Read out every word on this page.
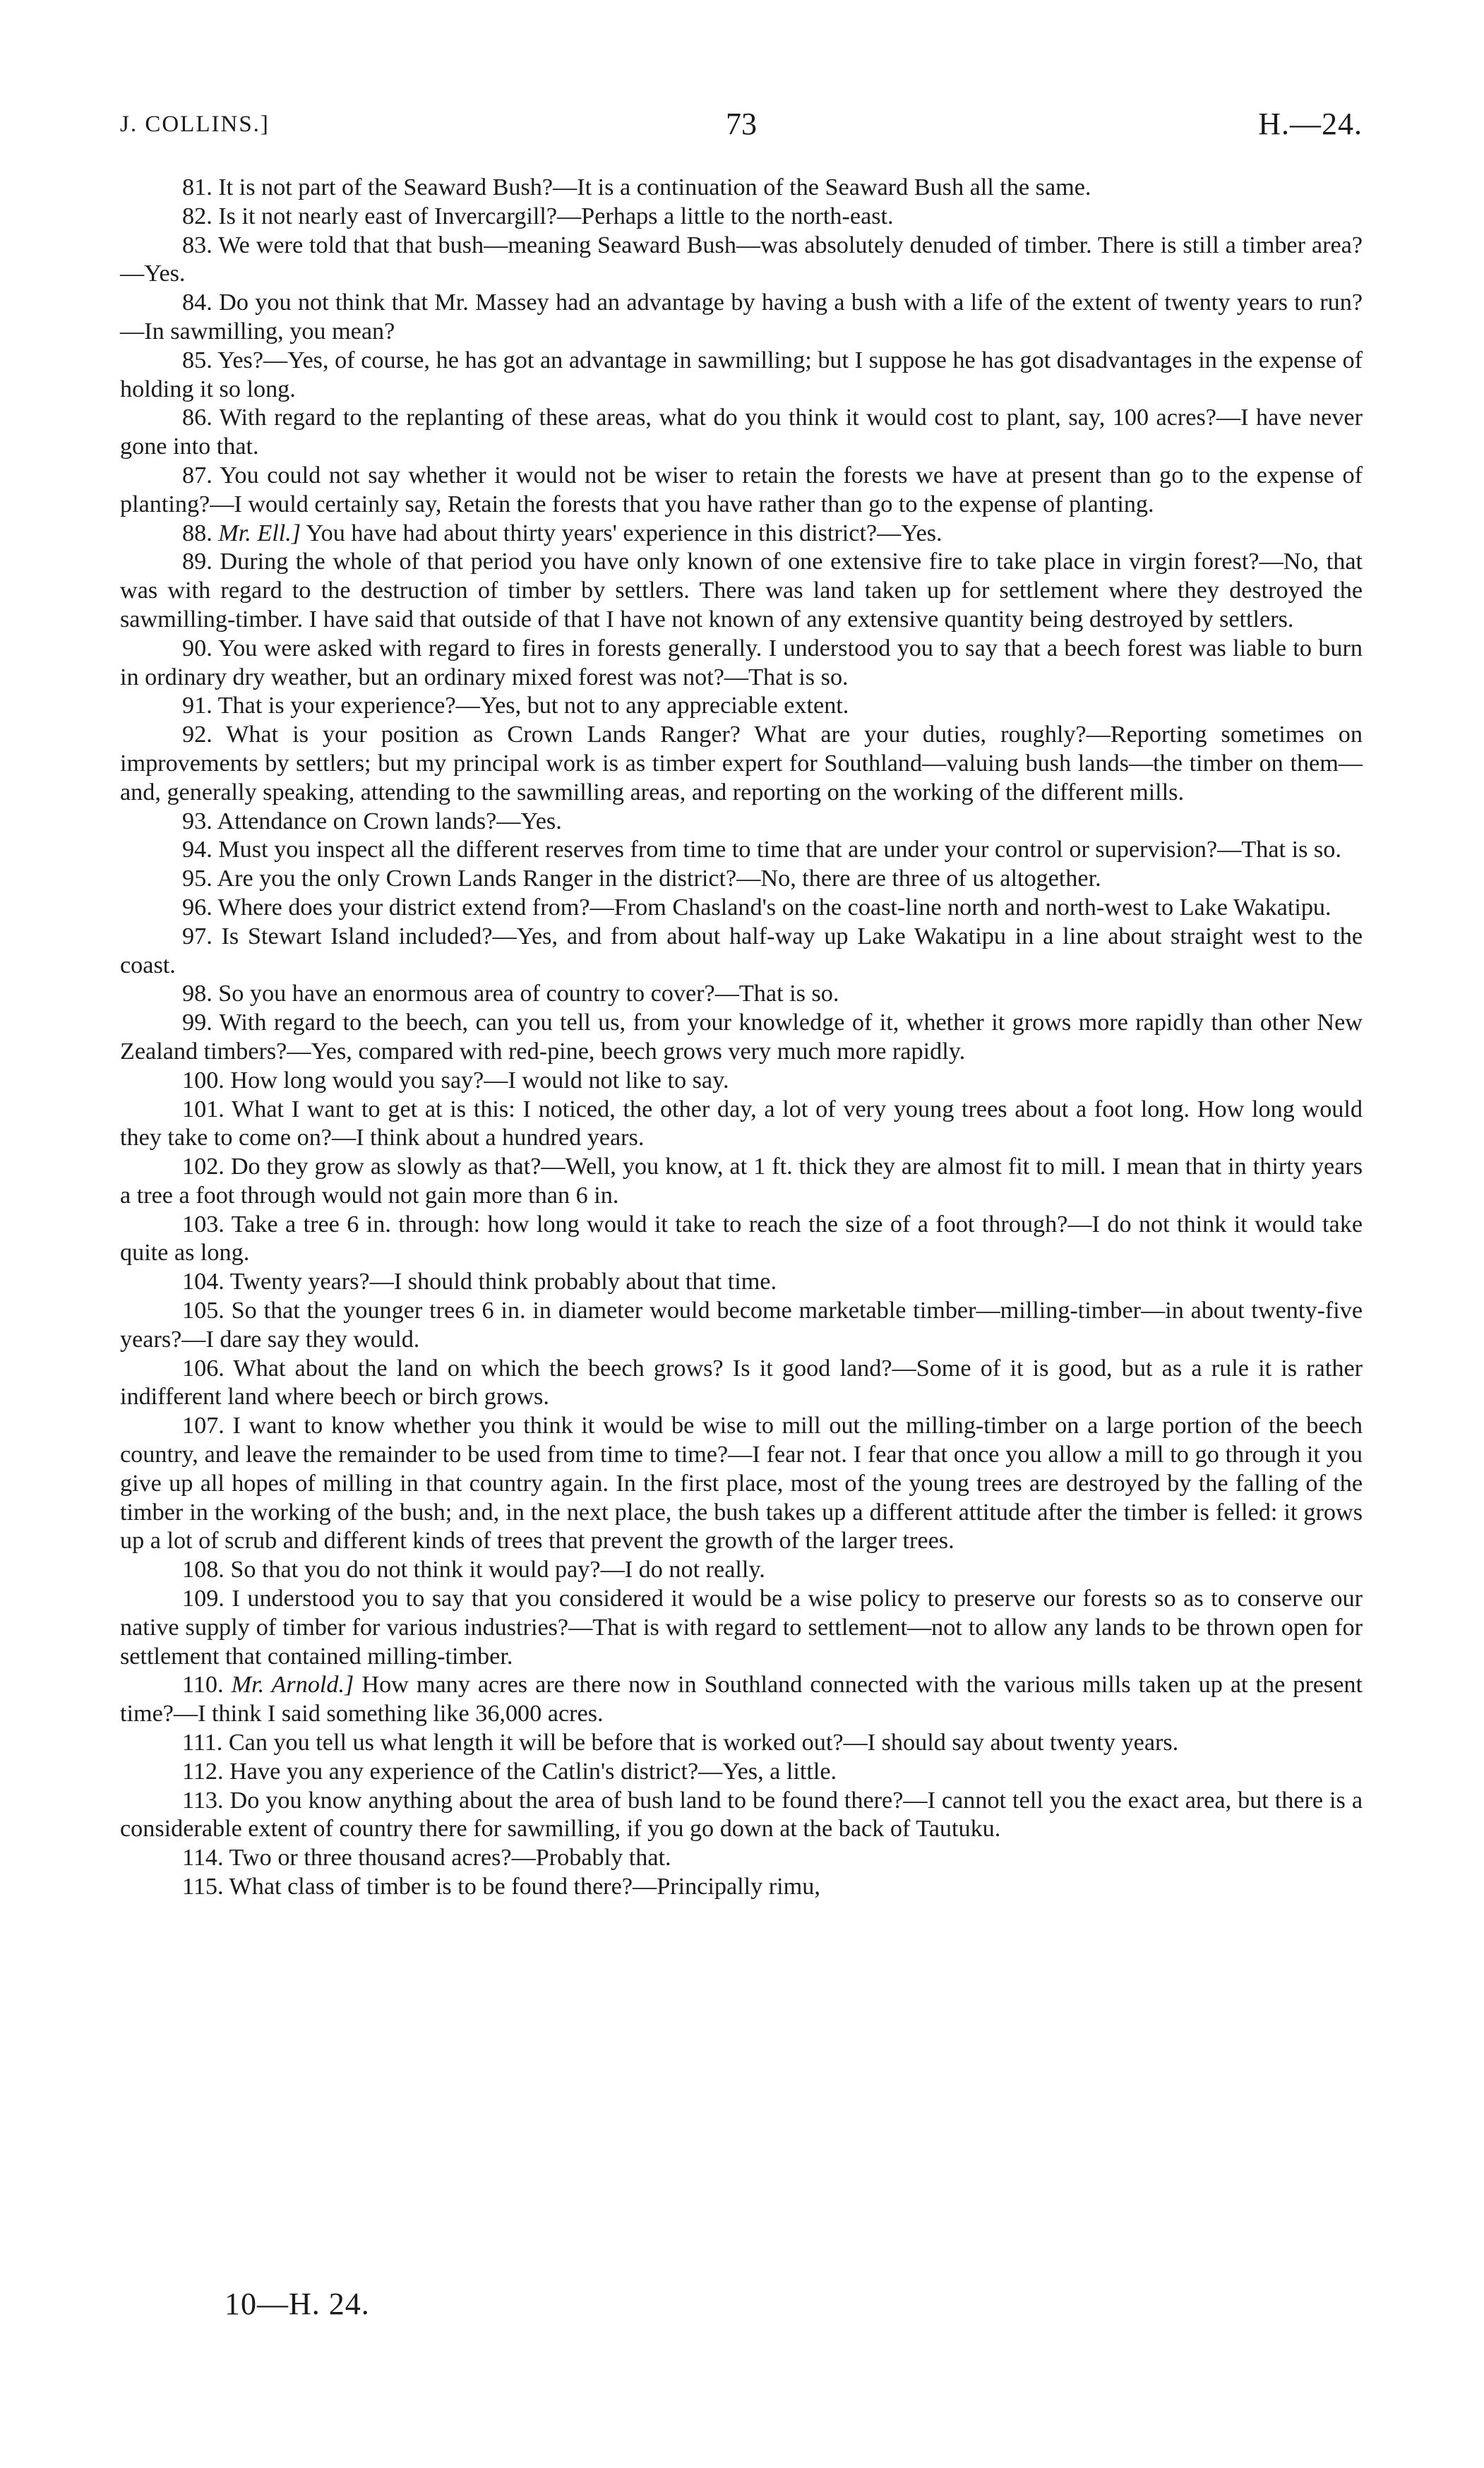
J. COLLINS.]	73	H.—24.

81. It is not part of the Seaward Bush?—It is a continuation of the Seaward Bush all the same.

82. Is it not nearly east of Invercargill?—Perhaps a little to the north-east.

83. We were told that that bush—meaning Seaward Bush—was absolutely denuded of timber. There is still a timber area?—Yes.

84. Do you not think that Mr. Massey had an advantage by having a bush with a life of the extent of twenty years to run?—In sawmilling, you mean?

85. Yes?—Yes, of course, he has got an advantage in sawmilling; but I suppose he has got disadvantages in the expense of holding it so long.

86. With regard to the replanting of these areas, what do you think it would cost to plant, say, 100 acres?—I have never gone into that.

87. You could not say whether it would not be wiser to retain the forests we have at present than go to the expense of planting?—I would certainly say, Retain the forests that you have rather than go to the expense of planting.

88. Mr. Ell.] You have had about thirty years' experience in this district?—Yes.

89. During the whole of that period you have only known of one extensive fire to take place in virgin forest?—No, that was with regard to the destruction of timber by settlers. There was land taken up for settlement where they destroyed the sawmilling-timber. I have said that outside of that I have not known of any extensive quantity being destroyed by settlers.

90. You were asked with regard to fires in forests generally. I understood you to say that a beech forest was liable to burn in ordinary dry weather, but an ordinary mixed forest was not?—That is so.

91. That is your experience?—Yes, but not to any appreciable extent.

92. What is your position as Crown Lands Ranger? What are your duties, roughly?—Reporting sometimes on improvements by settlers; but my principal work is as timber expert for Southland—valuing bush lands—the timber on them—and, generally speaking, attending to the sawmilling areas, and reporting on the working of the different mills.

93. Attendance on Crown lands?—Yes.

94. Must you inspect all the different reserves from time to time that are under your control or supervision?—That is so.

95. Are you the only Crown Lands Ranger in the district?—No, there are three of us altogether.

96. Where does your district extend from?—From Chasland's on the coast-line north and north-west to Lake Wakatipu.

97. Is Stewart Island included?—Yes, and from about half-way up Lake Wakatipu in a line about straight west to the coast.

98. So you have an enormous area of country to cover?—That is so.

99. With regard to the beech, can you tell us, from your knowledge of it, whether it grows more rapidly than other New Zealand timbers?—Yes, compared with red-pine, beech grows very much more rapidly.

100. How long would you say?—I would not like to say.

101. What I want to get at is this: I noticed, the other day, a lot of very young trees about a foot long. How long would they take to come on?—I think about a hundred years.

102. Do they grow as slowly as that?—Well, you know, at 1 ft. thick they are almost fit to mill. I mean that in thirty years a tree a foot through would not gain more than 6 in.

103. Take a tree 6 in. through: how long would it take to reach the size of a foot through?—I do not think it would take quite as long.

104. Twenty years?—I should think probably about that time.

105. So that the younger trees 6 in. in diameter would become marketable timber—milling-timber—in about twenty-five years?—I dare say they would.

106. What about the land on which the beech grows? Is it good land?—Some of it is good, but as a rule it is rather indifferent land where beech or birch grows.

107. I want to know whether you think it would be wise to mill out the milling-timber on a large portion of the beech country, and leave the remainder to be used from time to time?—I fear not. I fear that once you allow a mill to go through it you give up all hopes of milling in that country again. In the first place, most of the young trees are destroyed by the falling of the timber in the working of the bush; and, in the next place, the bush takes up a different attitude after the timber is felled: it grows up a lot of scrub and different kinds of trees that prevent the growth of the larger trees.

108. So that you do not think it would pay?—I do not really.

109. I understood you to say that you considered it would be a wise policy to preserve our forests so as to conserve our native supply of timber for various industries?—That is with regard to settlement—not to allow any lands to be thrown open for settlement that contained milling-timber.

110. Mr. Arnold.] How many acres are there now in Southland connected with the various mills taken up at the present time?—I think I said something like 36,000 acres.

111. Can you tell us what length it will be before that is worked out?—I should say about twenty years.

112. Have you any experience of the Catlin's district?—Yes, a little.

113. Do you know anything about the area of bush land to be found there?—I cannot tell you the exact area, but there is a considerable extent of country there for sawmilling, if you go down at the back of Tautuku.

114. Two or three thousand acres?—Probably that.

115. What class of timber is to be found there?—Principally rimu,

10—H. 24.
